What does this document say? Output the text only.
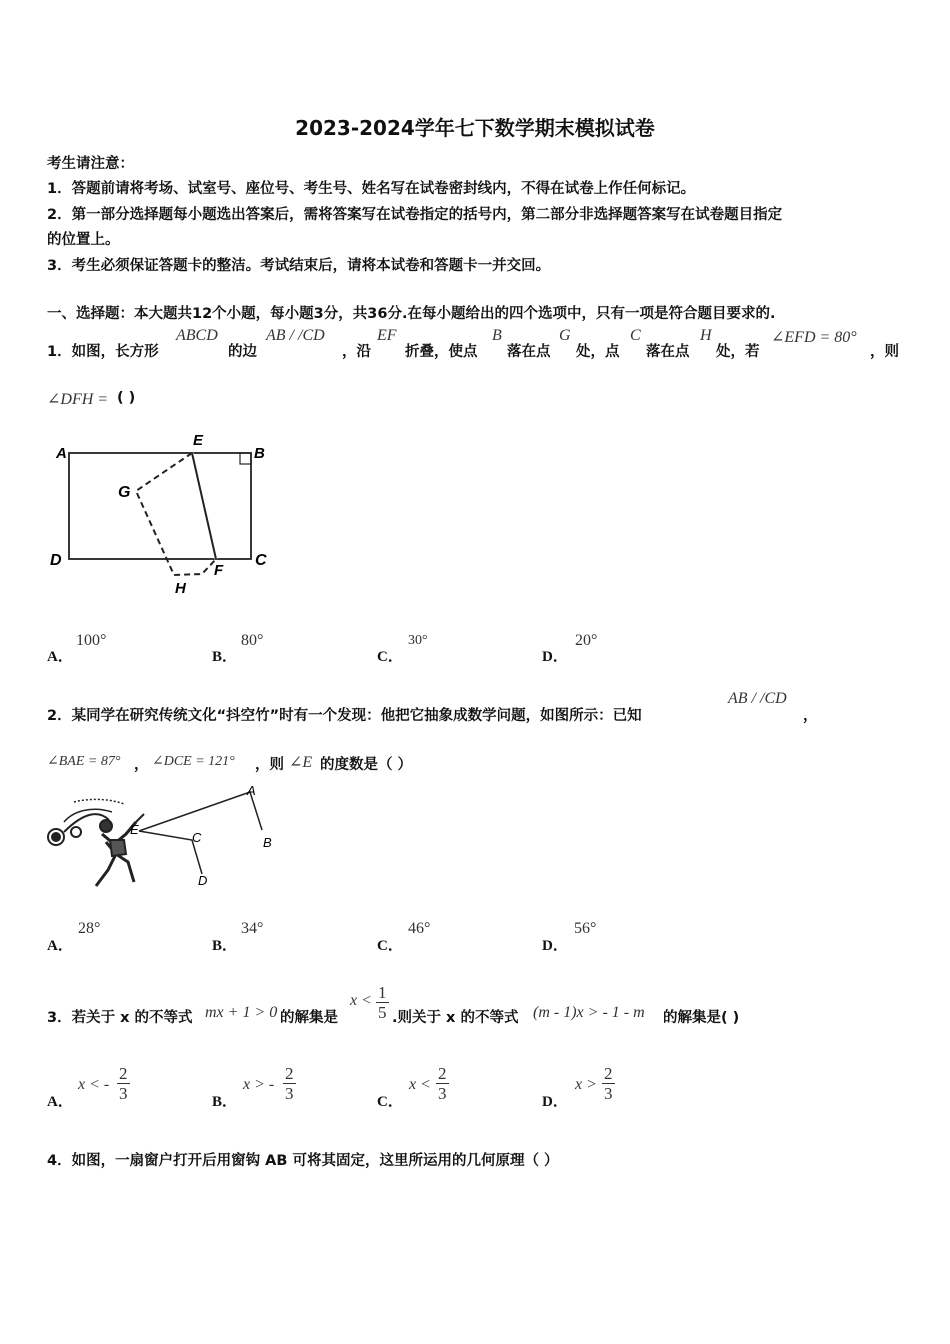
2023-2024学年七下数学期末模拟试卷
考生请注意：
1．答题前请将考场、试室号、座位号、考生号、姓名写在试卷密封线内，不得在试卷上作任何标记。
2．第一部分选择题每小题选出答案后，需将答案写在试卷指定的括号内，第二部分非选择题答案写在试卷题目指定
的位置上。
3．考生必须保证答题卡的整洁。考试结束后，请将本试卷和答题卡一并交回。
一、选择题：本大题共12个小题，每小题3分，共36分.在每小题给出的四个选项中，只有一项是符合题目要求的.
1．如图，长方形
ABCD
的边
AB / /CD
，沿
EF
折叠，使点
B
落在点
G
处，点
C
落在点
H
处，若
∠EFD = 80°
，则
∠DFH = ( )
A
E
B
G
D
H
F
C
A．
100°
B．
80°
C．
30°
D．
20°
2．某同学在研究传统文化“抖空竹”时有一个发现：他把它抽象成数学问题，如图所示：已知
AB / /CD
，
∠BAE = 87° ， ∠DCE = 121° ，则 ∠E 的度数是（ ）
A
E
C	B
D
A．
28°
B．
34°
C．
46°
D．
56°
3．若关于 x 的不等式 mx + 1 > 0 的解集是
$x < \frac{1}{5}$ .则关于 x 的不等式 (m - 1)x > - 1 - m 的解集是( )
A．
x < - $\frac{2}{3}$	B．
x > - $\frac{2}{3}$	C．
$x < \frac{2}{3}$	D．
$x > \frac{2}{3}$
4．如图，一扇窗户打开后用窗钩 AB 可将其固定，这里所运用的几何原理（ ）
